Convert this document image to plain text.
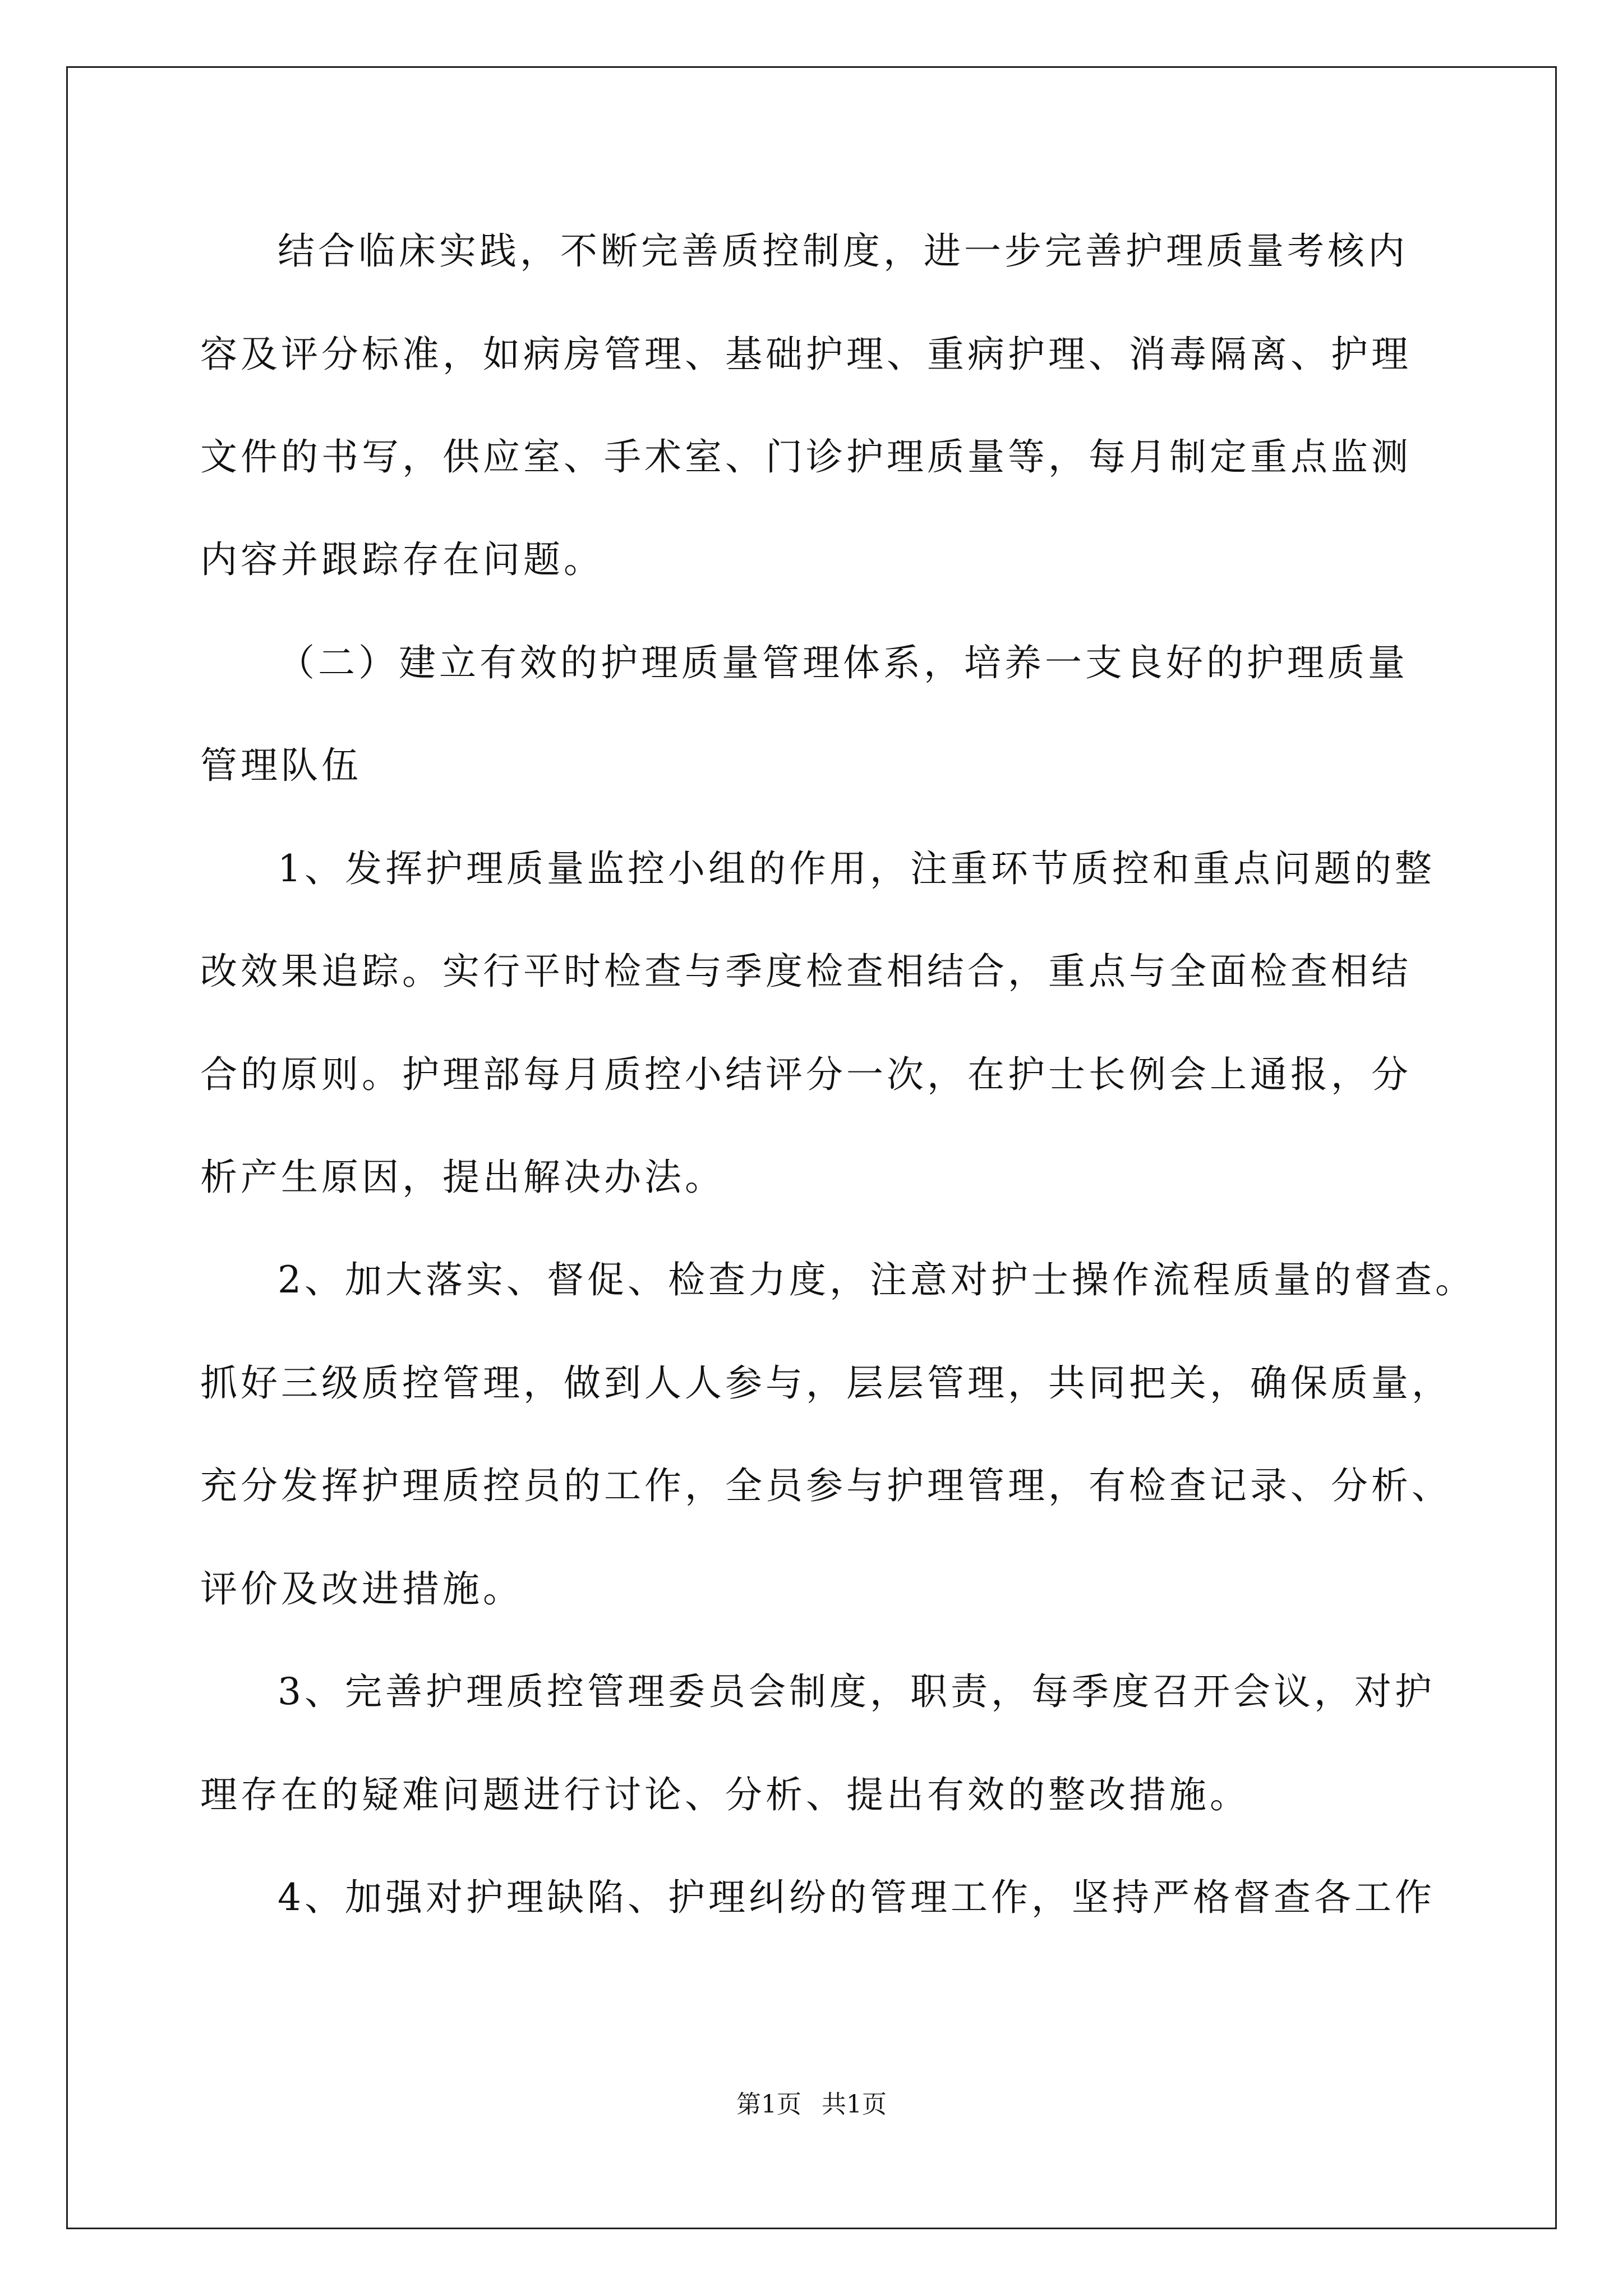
结合临床实践，不断完善质控制度，进一步完善护理质量考核内
容及评分标准，如病房管理、基础护理、重病护理、消毒隔离、护理
文件的书写，供应室、手术室、门诊护理质量等，每月制定重点监测
内容并跟踪存在问题。
（二）建立有效的护理质量管理体系，培养一支良好的护理质量
管理队伍
1、发挥护理质量监控小组的作用，注重环节质控和重点问题的整
改效果追踪。实行平时检查与季度检查相结合，重点与全面检查相结
合的原则。护理部每月质控小结评分一次，在护士长例会上通报，分
析产生原因，提出解决办法。
2、加大落实、督促、检查力度，注意对护士操作流程质量的督查。
抓好三级质控管理，做到人人参与，层层管理，共同把关，确保质量，
充分发挥护理质控员的工作，全员参与护理管理，有检查记录、分析、
评价及改进措施。
3、完善护理质控管理委员会制度，职责，每季度召开会议，对护
理存在的疑难问题进行讨论、分析、提出有效的整改措施。
4、加强对护理缺陷、护理纠纷的管理工作，坚持严格督查各工作
第1页 共1页
